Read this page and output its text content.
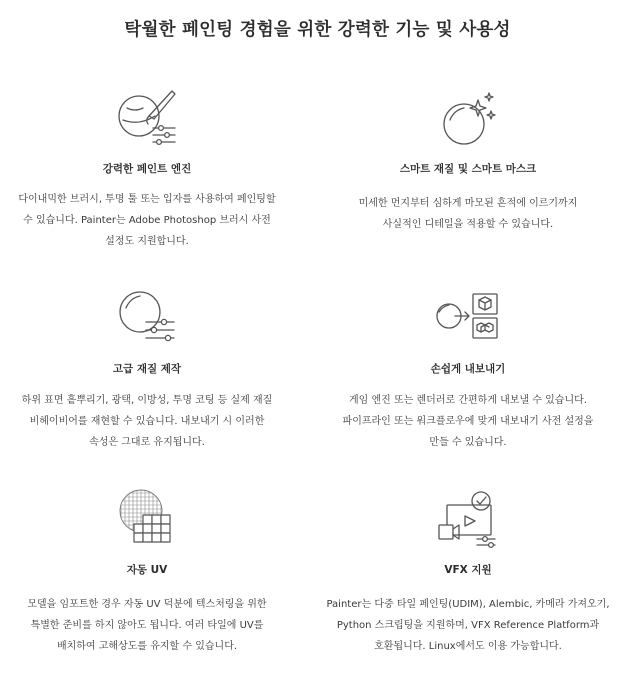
탁월한 페인팅 경험을 위한 강력한 기능 및 사용성
강력한 페인트 엔진
다이내믹한 브러시, 투명 툴 또는 입자를 사용하여 페인팅할
수 있습니다. Painter는 Adobe Photoshop 브러시 사전
설정도 지원합니다.
스마트 재질 및 스마트 마스크
미세한 먼지부터 심하게 마모된 흔적에 이르기까지
사실적인 디테일을 적용할 수 있습니다.
고급 재질 제작
하위 표면 흩뿌리기, 광택, 이방성, 투명 코팅 등 실제 재질
비헤이비어를 재현할 수 있습니다. 내보내기 시 이러한
속성은 그대로 유지됩니다.
손쉽게 내보내기
게임 엔진 또는 렌더러로 간편하게 내보낼 수 있습니다.
파이프라인 또는 워크플로우에 맞게 내보내기 사전 설정을
만들 수 있습니다.
자동 UV
모델을 임포트한 경우 자동 UV 덕분에 텍스처링을 위한
특별한 준비를 하지 않아도 됩니다. 여러 타일에 UV를
배치하여 고해상도를 유지할 수 있습니다.
VFX 지원
Painter는 다중 타일 페인팅(UDIM), Alembic, 카메라 가져오기,
Python 스크립팅을 지원하며, VFX Reference Platform과
호환됩니다. Linux에서도 이용 가능합니다.
